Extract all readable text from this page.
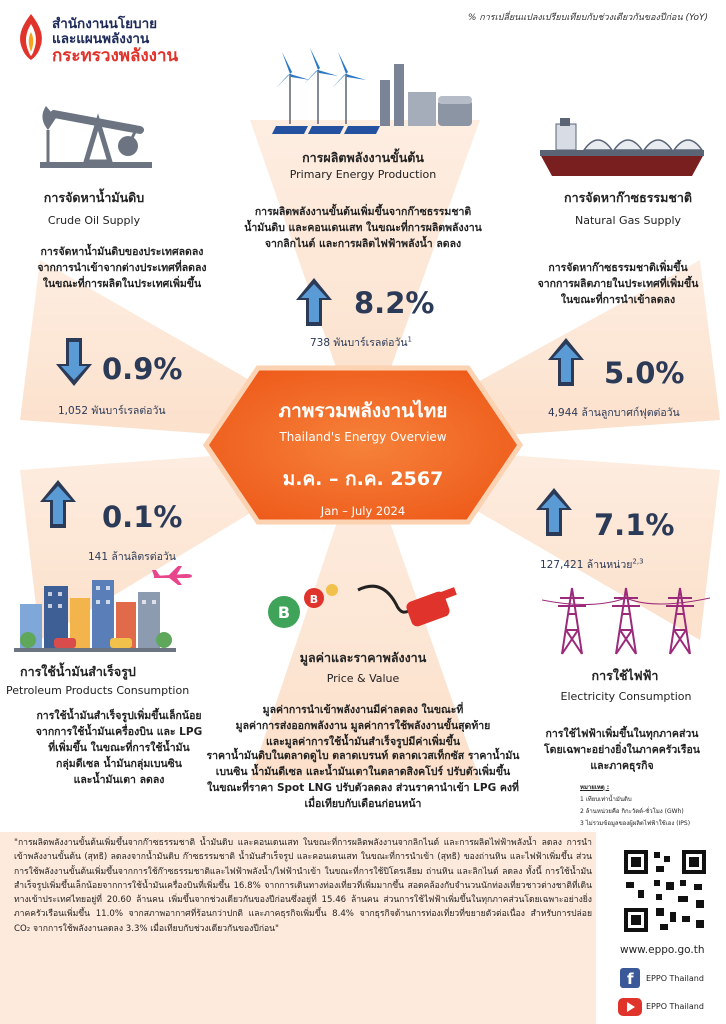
สำนักงานนโยบาย
และแผนพลังงาน
กระทรวงพลังงาน
% การเปลี่ยนแปลงเปรียบเทียบกับช่วงเดียวกันของปีก่อน (YoY)
การผลิตพลังงานขั้นต้น
Primary Energy Production
การผลิตพลังงานขั้นต้นเพิ่มขึ้นจากก๊าซธรรมชาติ
น้ำมันดิบ และคอนเดนเสท ในขณะที่การผลิตพลังงาน
จากลิกไนต์ และการผลิตไฟฟ้าพลังน้ำ ลดลง
8.2%
738 พันบาร์เรลต่อวัน$^1$
การจัดหาน้ำมันดิบ
Crude Oil Supply
การจัดหาน้ำมันดิบของประเทศลดลง
จากการนำเข้าจากต่างประเทศที่ลดลง
ในขณะที่การผลิตในประเทศเพิ่มขึ้น
0.9%
1,052 พันบาร์เรลต่อวัน
การจัดหาก๊าซธรรมชาติ
Natural Gas Supply
การจัดหาก๊าซธรรมชาติเพิ่มขึ้น
จากการผลิตภายในประเทศที่เพิ่มขึ้น
ในขณะที่การนำเข้าลดลง
5.0%
4,944 ล้านลูกบาศก์ฟุตต่อวัน
ภาพรวมพลังงานไทย
Thailand's Energy Overview
ม.ค. – ก.ค. 2567
Jan – July 2024
0.1%
141 ล้านลิตรต่อวัน
การใช้น้ำมันสำเร็จรูป
Petroleum Products Consumption
การใช้น้ำมันสำเร็จรูปเพิ่มขึ้นเล็กน้อย
จากการใช้น้ำมันเครื่องบิน และ LPG
ที่เพิ่มขึ้น ในขณะที่การใช้น้ำมัน
กลุ่มดีเซล น้ำมันกลุ่มเบนซิน
และน้ำมันเตา ลดลง
7.1%
127,421 ล้านหน่วย$^{2,3}$
การใช้ไฟฟ้า
Electricity Consumption
การใช้ไฟฟ้าเพิ่มขึ้นในทุกภาคส่วน
โดยเฉพาะอย่างยิ่งในภาคครัวเรือน
และภาคธุรกิจ
B
B
มูลค่าและราคาพลังงาน
Price & Value
มูลค่าการนำเข้าพลังงานมีค่าลดลง ในขณะที่
มูลค่าการส่งออกพลังงาน มูลค่าการใช้พลังงานขั้นสุดท้าย
และมูลค่าการใช้น้ำมันสำเร็จรูปมีค่าเพิ่มขึ้น
ราคาน้ำมันดิบในตลาดดูไบ ตลาดเบรนท์ ตลาดเวสเท็กซัส ราคาน้ำมัน
เบนซิน น้ำมันดีเซล และน้ำมันเตาในตลาดสิงคโปร์ ปรับตัวเพิ่มขึ้น
ในขณะที่ราคา Spot LNG ปรับตัวลดลง ส่วนราคานำเข้า LPG คงที่
เมื่อเทียบกับเดือนก่อนหน้า
หมายเหตุ :
1 เทียบเท่าน้ำมันดิบ
2 ล้านหน่วยคือ กิกะวัตต์-ชั่วโมง (GWh)
3 ไม่รวมข้อมูลของผู้ผลิตไฟฟ้าใช้เอง (IPS)
"การผลิตพลังงานขั้นต้นเพิ่มขึ้นจากก๊าซธรรมชาติ น้ำมันดิบ และคอนเดนเสท ในขณะที่การผลิตพลังงานจากลิกไนต์ และการผลิตไฟฟ้าพลังน้ำ ลดลง การนำเข้าพลังงานขั้นต้น (สุทธิ) ลดลงจากน้ำมันดิบ ก๊าซธรรมชาติ น้ำมันสำเร็จรูป และคอนเดนเสท ในขณะที่การนำเข้า (สุทธิ) ของถ่านหิน และไฟฟ้าเพิ่มขึ้น ส่วนการใช้พลังงานขั้นต้นเพิ่มขึ้นจากการใช้ก๊าซธรรมชาติและไฟฟ้าพลังน้ำ/ไฟฟ้านำเข้า ในขณะที่การใช้ปิโตรเลียม ถ่านหิน และลิกไนต์ ลดลง ทั้งนี้ การใช้น้ำมันสำเร็จรูปเพิ่มขึ้นเล็กน้อยจากการใช้น้ำมันเครื่องบินที่เพิ่มขึ้น 16.8% จากการเดินทางท่องเที่ยวที่เพิ่มมากขึ้น สอดคล้องกับจำนวนนักท่องเที่ยวชาวต่างชาติที่เดินทางเข้าประเทศไทยอยู่ที่ 20.60 ล้านคน เพิ่มขึ้นจากช่วงเดียวกันของปีก่อนซึ่งอยู่ที่ 15.46 ล้านคน ส่วนการใช้ไฟฟ้าเพิ่มขึ้นในทุกภาคส่วนโดยเฉพาะอย่างยิ่งภาคครัวเรือนเพิ่มขึ้น 11.0% จากสภาพอากาศที่ร้อนกว่าปกติ และภาคธุรกิจเพิ่มขึ้น 8.4% จากธุรกิจด้านการท่องเที่ยวที่ขยายตัวต่อเนื่อง สำหรับการปล่อย CO₂ จากการใช้พลังงานลดลง 3.3% เมื่อเทียบกับช่วงเดียวกันของปีก่อน"
www.eppo.go.th
f EPPO Thailand
EPPO Thailand
